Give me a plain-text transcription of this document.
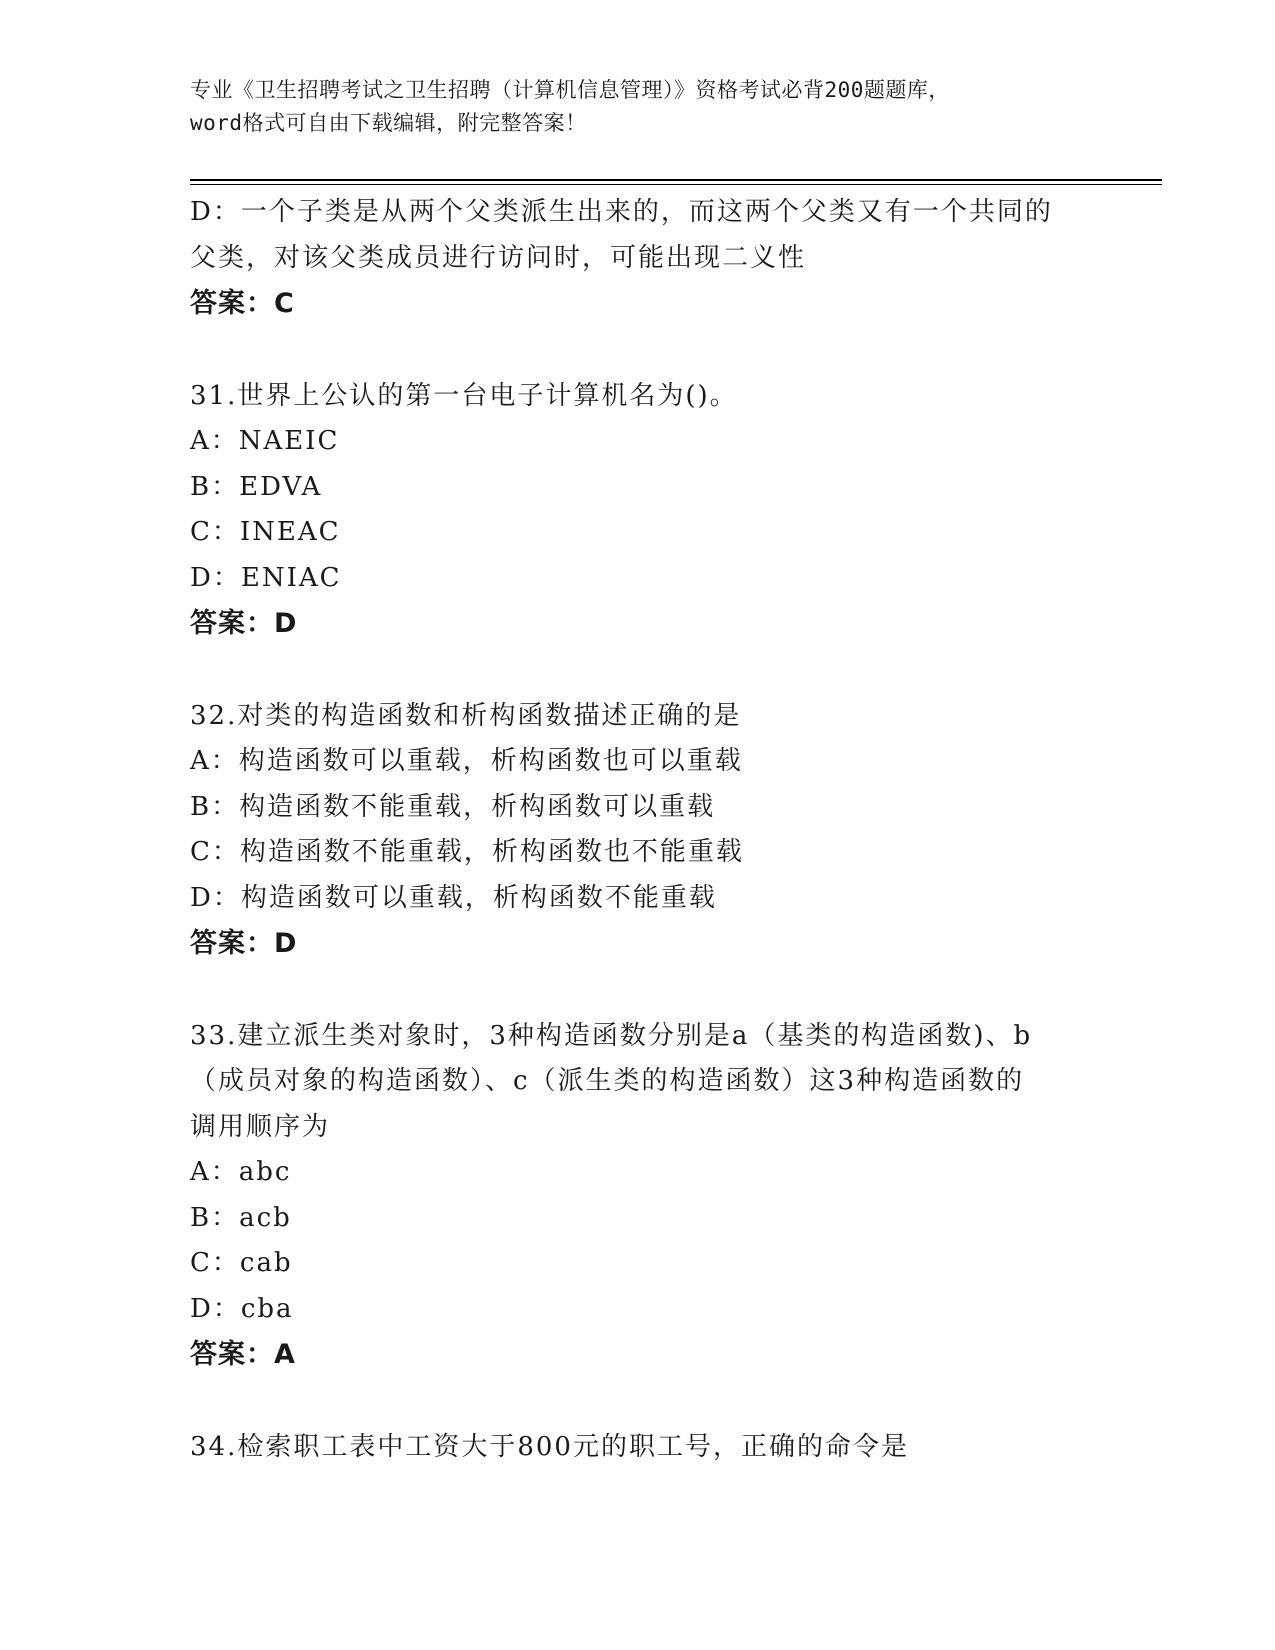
专业《卫生招聘考试之卫生招聘（计算机信息管理）》资格考试必背200题题库，
word格式可自由下载编辑，附完整答案！
D：一个子类是从两个父类派生出来的，而这两个父类又有一个共同的
父类，对该父类成员进行访问时，可能出现二义性
答案：C
31.世界上公认的第一台电子计算机名为()。
A：NAEIC
B：EDVA
C：INEAC
D：ENIAC
答案：D
32.对类的构造函数和析构函数描述正确的是
A：构造函数可以重载，析构函数也可以重载
B：构造函数不能重载，析构函数可以重载
C：构造函数不能重载，析构函数也不能重载
D：构造函数可以重载，析构函数不能重载
答案：D
33.建立派生类对象时，3种构造函数分别是a（基类的构造函数)、b
（成员对象的构造函数）、c（派生类的构造函数）这3种构造函数的
调用顺序为
A：abc
B：acb
C：cab
D：cba
答案：A
34.检索职工表中工资大于800元的职工号，正确的命令是
